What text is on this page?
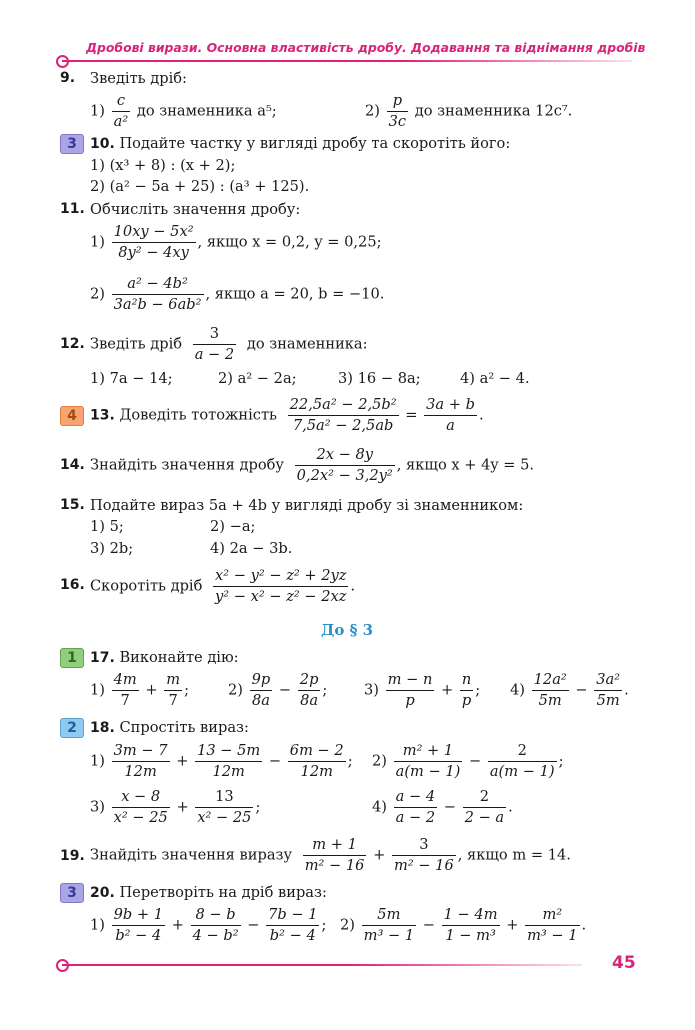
Дробові вирази. Основна властивість дробу. Додавання та віднімання дробів
9. Зведіть дріб:
$1) \frac{c}{\text{a²}}$ до знаменника a⁵;	$2) \frac{p}{3c}$ до знаменника 12c⁷.
3 10. Подайте частку у вигляді дробу та скоротіть його:
1) (x³ + 8) : (x + 2);
2) (a² − 5a + 25) : (a³ + 125).
11. Обчисліть значення дробу:
$1) \frac{\text{10xy − 5x²}}{\text{8y² − 4xy}}$ , якщо x = 0,2, y = 0,25;
$2) \frac{\text{a² − 4b²}}{\text{3a²b − 6ab²}}$ , якщо a = 20, b = −10.
12. Зведіть дріб $\frac{3}{a - 2}$ до знаменника:
1) 7a − 14;	2) a² − 2a;	3) 16 − 8a;	4) a² − 4.
4 13. Доведіть тотожність $\frac{\text{22,5a² − 2,5b²}}{\text{7,5a² − 2,5ab}} = \frac{3a + b}{a}$ .
14. Знайдіть значення дробу $\frac{2x - 8y}{\text{0,2x² − 3,2y²}}$ , якщо x + 4y = 5.
15. Подайте вираз 5a + 4b у вигляді дробу зі знаменником:
1) 5;	2) −a;
3) 2b;	4) 2a − 3b.
16. Скоротіть дріб $\frac{\text{x² − y² − z² + 2yz}}{\text{y² − x² − z² − 2xz}}$ .
До § 3
1 17. Виконайте дію:
$1) \frac{4m}{7} + \frac{m}{7}$ ;	$2) \frac{9p}{8a} - \frac{2p}{8a}$ ;	$3) \frac{m - n}{p} + \frac{n}{p}$ ; $4) \frac{\text{12a²}}{5m} - \frac{\text{3a²}}{5m}$ .
2 18. Спростіть вираз:
$1) \frac{3m - 7}{12m} + \frac{13 - 5m}{12m} - \frac{6m - 2}{12m}$ ; $2) \frac{\text{m² + 1}}{a(m - 1)} - \frac{2}{a(m - 1)}$ ;
$3) \frac{x - 8}{\text{x² − 25}} + \frac{13}{\text{x² − 25}}$ ;	$4) \frac{a - 4}{a - 2} - \frac{2}{2 - a}$ .
19. Знайдіть значення виразу $\frac{m + 1}{\text{m² − 16}} + \frac{3}{\text{m² − 16}}$ , якщо m = 14.
3 20. Перетворіть на дріб вираз:
$1) \frac{9b + 1}{\text{b² − 4}} + \frac{8 - b}{\text{4 − b²}} - \frac{7b - 1}{\text{b² − 4}}$ ; $2) \frac{5m}{\text{m³ − 1}} - \frac{1 - 4m}{\text{1 − m³}} + \frac{\text{m²}}{\text{m³ − 1}}$ .
45
